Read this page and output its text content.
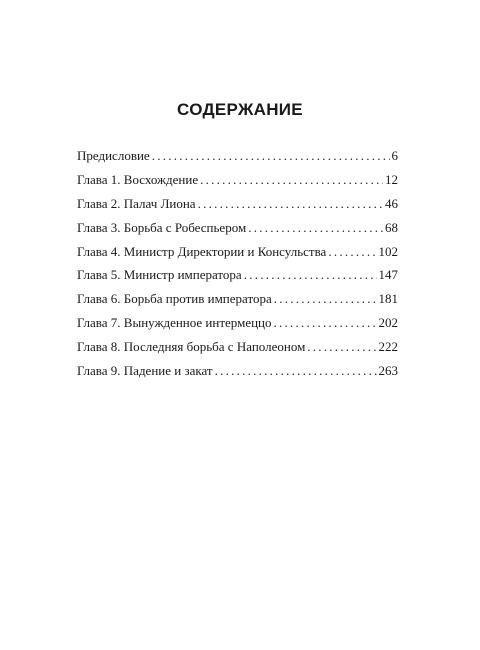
СОДЕРЖАНИЕ
Предисловие . . .	6
Глава 1. Восхождение . . .	12
Глава 2. Палач Лиона . . .	46
Глава 3. Борьба с Робеспьером . . .	68
Глава 4. Министр Директории и Консульства . . .	102
Глава 5. Министр императора . . .	147
Глава 6. Борьба против императора . . .	181
Глава 7. Вынужденное интермеццо . . .	202
Глава 8. Последняя борьба с Наполеоном . . .	222
Глава 9. Падение и закат . . .	263
